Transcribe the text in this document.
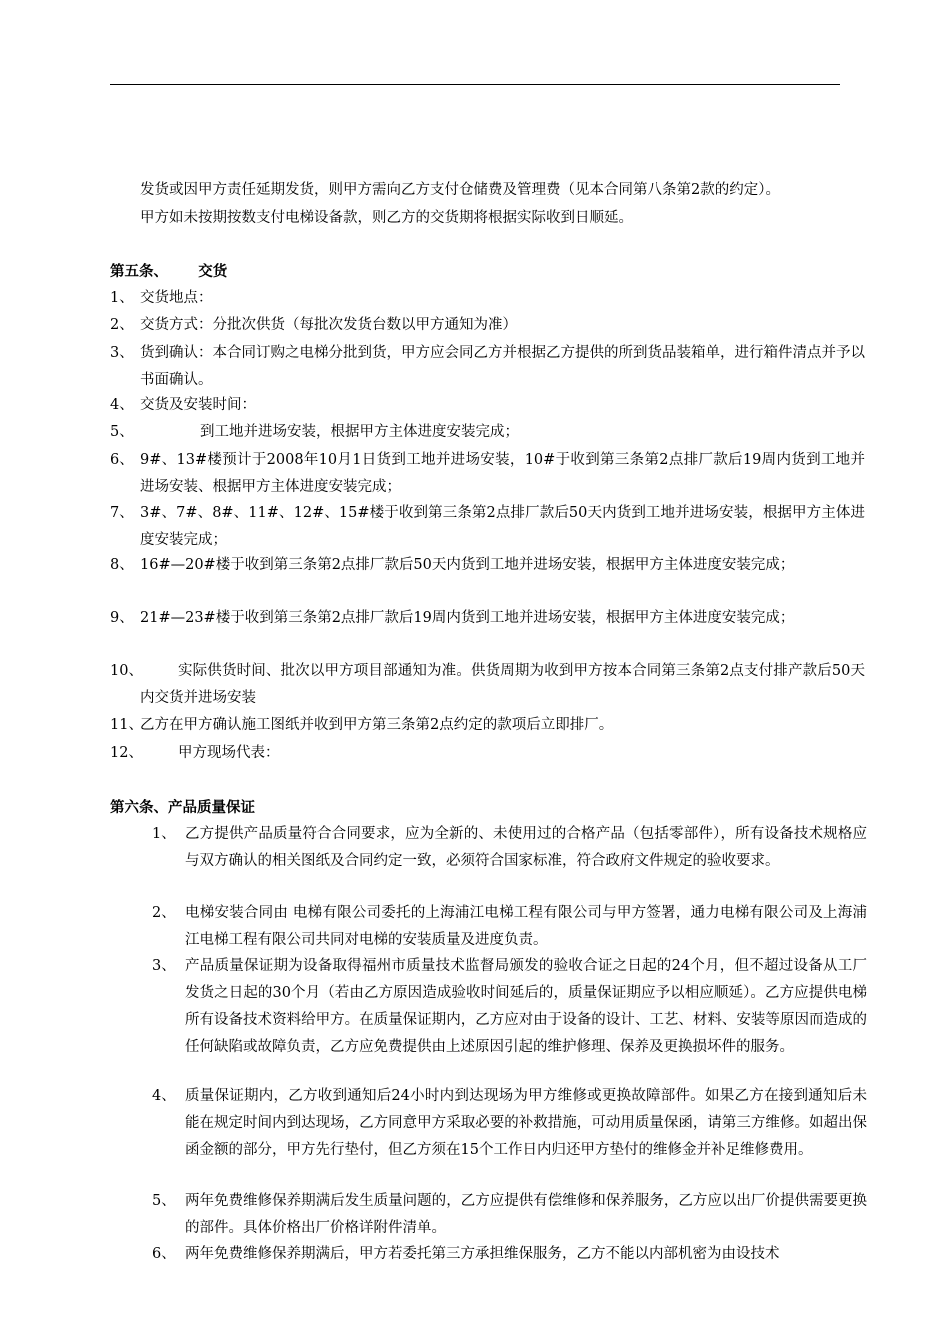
发货或因甲方责任延期发货，则甲方需向乙方支付仓储费及管理费（见本合同第八条第2款的约定）。
甲方如未按期按数支付电梯设备款，则乙方的交货期将根据实际收到日顺延。
第五条、      交货
1、 交货地点：
2、 交货方式：分批次供货（每批次发货台数以甲方通知为准）
3、 货到确认：本合同订购之电梯分批到货，甲方应会同乙方并根据乙方提供的所到货品装箱单，进行箱件清点并予以书面确认。
4、 交货及安装时间：
5、	到工地并进场安装，根据甲方主体进度安装完成；
6、 9#、13#楼预计于2008年10月1日货到工地并进场安装，10#于收到第三条第2点排厂款后19周内货到工地并进场安装、根据甲方主体进度安装完成；
7、 3#、7#、8#、11#、12#、15#楼于收到第三条第2点排厂款后50天内货到工地并进场安装，根据甲方主体进度安装完成；
8、 16#—20#楼于收到第三条第2点排厂款后50天内货到工地并进场安装，根据甲方主体进度安装完成；
9、 21#—23#楼于收到第三条第2点排厂款后19周内货到工地并进场安装，根据甲方主体进度安装完成；
10、	实际供货时间、批次以甲方项目部通知为准。供货周期为收到甲方按本合同第三条第2点支付排产款后50天内交货并进场安装
11、
乙方在甲方确认施工图纸并收到甲方第三条第2点约定的款项后立即排厂。
12、 甲方现场代表：
第六条、产品质量保证
1、 乙方提供产品质量符合合同要求，应为全新的、未使用过的合格产品（包括零部件），所有设备技术规格应与双方确认的相关图纸及合同约定一致，必须符合国家标准，符合政府文件规定的验收要求。
2、 电梯安装合同由 电梯有限公司委托的上海浦江电梯工程有限公司与甲方签署，通力电梯有限公司及上海浦江电梯工程有限公司共同对电梯的安装质量及进度负责。
3、 产品质量保证期为设备取得福州市质量技术监督局颁发的验收合证之日起的24个月，但不超过设备从工厂发货之日起的30个月（若由乙方原因造成验收时间延后的，质量保证期应予以相应顺延）。乙方应提供电梯所有设备技术资料给甲方。在质量保证期内，乙方应对由于设备的设计、工艺、材料、安装等原因而造成的任何缺陷或故障负责，乙方应免费提供由上述原因引起的维护修理、保养及更换损坏件的服务。
4、 质量保证期内，乙方收到通知后24小时内到达现场为甲方维修或更换故障部件。如果乙方在接到通知后未能在规定时间内到达现场，乙方同意甲方采取必要的补救措施，可动用质量保函，请第三方维修。如超出保函金额的部分，甲方先行垫付，但乙方须在15个工作日内归还甲方垫付的维修金并补足维修费用。
5、 两年免费维修保养期满后发生质量问题的，乙方应提供有偿维修和保养服务，乙方应以出厂价提供需要更换的部件。具体价格出厂价格详附件清单。
6、 两年免费维修保养期满后，甲方若委托第三方承担维保服务，乙方不能以内部机密为由设技术
